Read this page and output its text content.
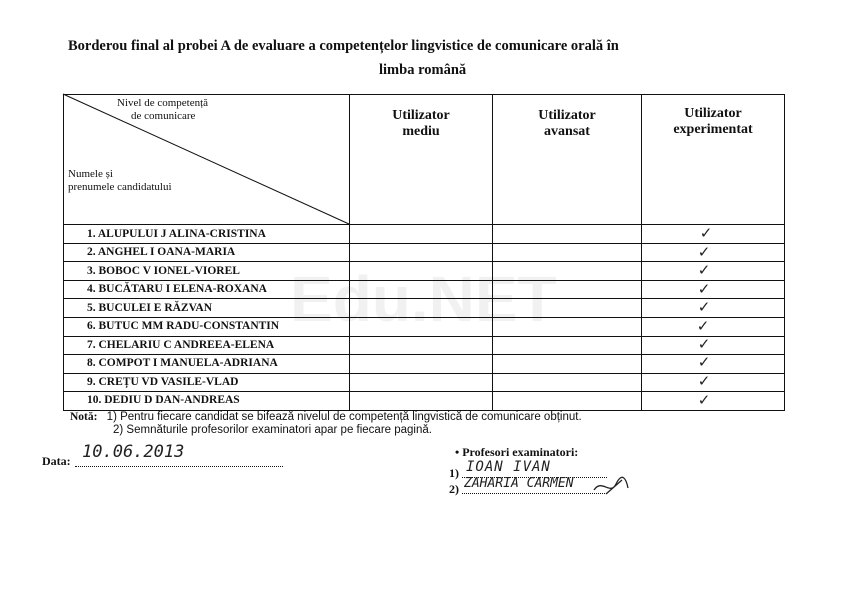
Borderou final al probei A de evaluare a competențelor lingvistice de comunicare orală în
limba română
Edu.NET
Nivel de competență
de comunicare
Numele și
prenumele candidatului
Utilizator
mediu
Utilizator
avansat
Utilizator
experimentat
1. ALUPULUI J ALINA-CRISTINA
2. ANGHEL I OANA-MARIA
3. BOBOC V IONEL-VIOREL
4. BUCĂTARU I ELENA-ROXANA
5. BUCULEI E RĂZVAN
6. BUTUC MM RADU-CONSTANTIN
7. CHELARIU C ANDREEA-ELENA
8. COMPOT I MANUELA-ADRIANA
9. CREȚU VD VASILE-VLAD
10. DEDIU D DAN-ANDREAS
✓
✓
✓
✓
✓
✓
✓
✓
✓
✓
Notă: 1) Pentru fiecare candidat se bifează nivelul de competență lingvistică de comunicare obținut.
2) Semnăturile profesorilor examinatori apar pe fiecare pagină.
Data: 10.06.2013	• Profesori examinatori:
1) IOAN IVAN
2) ZAHARIA CARMEN
